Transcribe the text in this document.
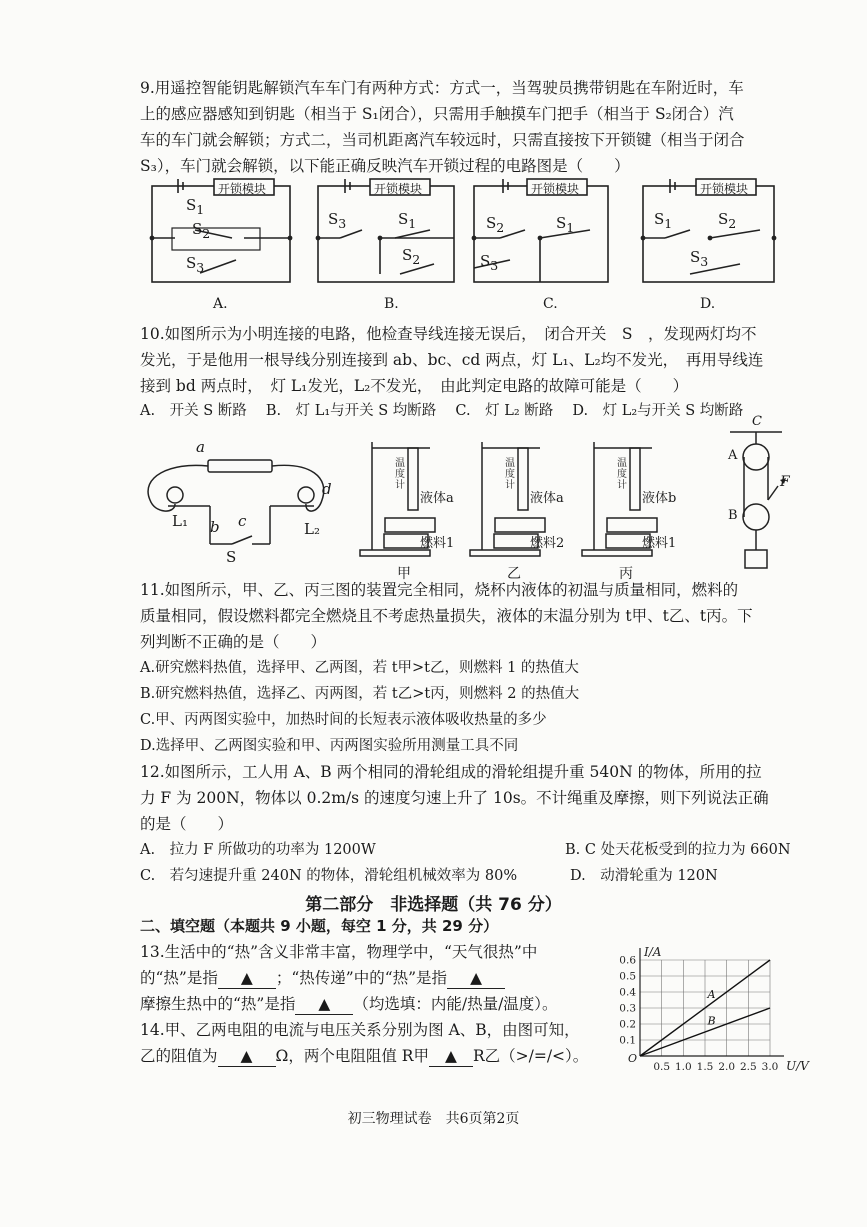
9.用遥控智能钥匙解锁汽车车门有两种方式：方式一，当驾驶员携带钥匙在车附近时，车
上的感应器感知到钥匙（相当于 S₁闭合），只需用手触摸车门把手（相当于 S₂闭合）汽
车的车门就会解锁；方式二，当司机距离汽车较远时，只需直接按下开锁键（相当于闭合
S₃），车门就会解锁，以下能正确反映汽车开锁过程的电路图是（　　）
开锁模块	开锁模块	开锁模块	开锁模块
$S_1$
$S_2$
$S_3$
$S_3$	$S_1$
$S_2$
$S_2$	$S_1$
$S_3$
$S_1$	$S_2$
$S_3$
A.	B.	C.	D.
10.如图所示为小明连接的电路，他检查导线连接无误后，　闭合开关　S　，发现两灯均不
发光，于是他用一根导线分别连接到 ab、bc、cd 两点，灯 L₁、L₂均不发光，　再用导线连
接到 bd 两点时，　灯 L₁发光，L₂不发光，　由此判定电路的故障可能是（　　）
A.　开关 S 断路　 B.　灯 L₁与开关 S 均断路　 C.　灯 L₂ 断路　 D.　灯 L₂与开关 S 均断路
a
d
b c
L₁	L₂
S
温度计
温度计
温度计
液体a	液体a	液体b
燃料1	燃料2	燃料1
甲	乙	丙
C
A
B
F
11.如图所示，甲、乙、丙三图的装置完全相同，烧杯内液体的初温与质量相同，燃料的
质量相同，假设燃料都完全燃烧且不考虑热量损失，液体的末温分别为 t甲、t乙、t丙。下
列判断不正确的是（　　）
A.研究燃料热值，选择甲、乙两图，若 t甲>t乙，则燃料 1 的热值大
B.研究燃料热值，选择乙、丙两图，若 t乙>t丙，则燃料 2 的热值大
C.甲、丙两图实验中，加热时间的长短表示液体吸收热量的多少
D.选择甲、乙两图实验和甲、丙两图实验所用测量工具不同
12.如图所示，工人用 A、B 两个相同的滑轮组成的滑轮组提升重 540N 的物体，所用的拉
力 F 为 200N，物体以 0.2m/s 的速度匀速上升了 10s。不计绳重及摩擦，则下列说法正确
的是（　　）
A.　拉力 F 所做功的功率为 1200W	B. C 处天花板受到的拉力为 660N
C.　若匀速提升重 240N 的物体，滑轮组机械效率为 80%	D.　动滑轮重为 120N
第二部分　非选择题（共 76 分）
二、填空题（本题共 9 小题，每空 1 分，共 29 分）
13.生活中的“热”含义非常丰富，物理学中，“天气很热”中
的“热”是指 ▲ ；“热传递”中的“热”是指 ▲
摩擦生热中的“热”是指 ▲ （均选填：内能/热量/温度）。
14.甲、乙两电阻的电流与电压关系分别为图 A、B，由图可知，
乙的阻值为 ▲ Ω，两个电阻阻值 R甲 ▲ R乙（>/=/<）。
0.5 1.0 1.5 2.0 2.5 3.0
0.1
0.2
0.3
0.4
0.5
0.6
U/V
I/A
O
A
B
初三物理试卷　共6页第2页
